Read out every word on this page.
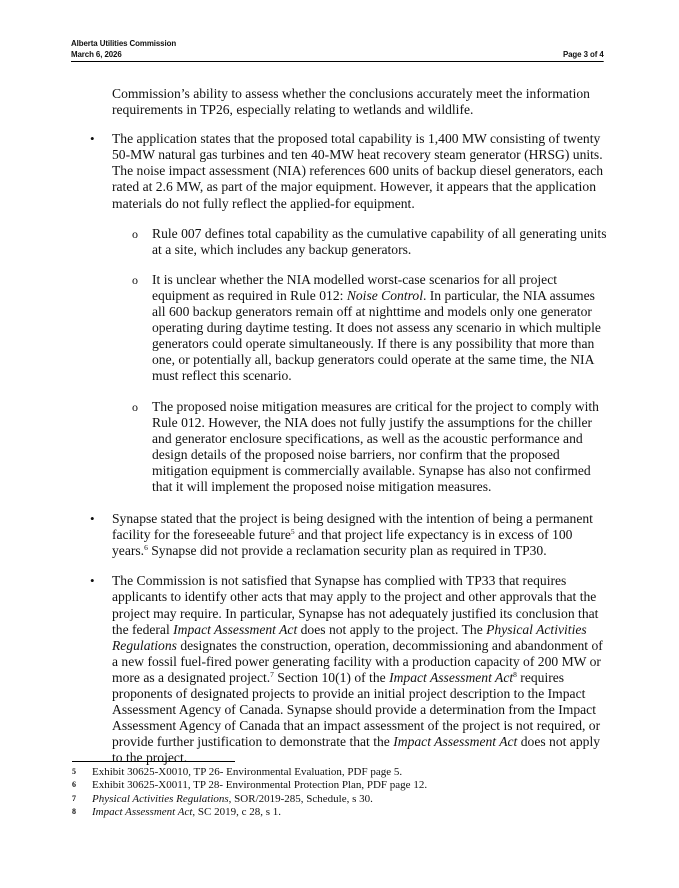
Alberta Utilities Commission
March 6, 2026	Page 3 of 4

Commission’s ability to assess whether the conclusions accurately meet the information requirements in TP26, especially relating to wetlands and wildlife.

• The application states that the proposed total capability is 1,400 MW consisting of twenty 50-MW natural gas turbines and ten 40-MW heat recovery steam generator (HRSG) units. The noise impact assessment (NIA) references 600 units of backup diesel generators, each rated at 2.6 MW, as part of the major equipment. However, it appears that the application materials do not fully reflect the applied-for equipment.
o Rule 007 defines total capability as the cumulative capability of all generating units at a site, which includes any backup generators.
o It is unclear whether the NIA modelled worst-case scenarios for all project equipment as required in Rule 012: Noise Control. In particular, the NIA assumes all 600 backup generators remain off at nighttime and models only one generator operating during daytime testing. It does not assess any scenario in which multiple generators could operate simultaneously. If there is any possibility that more than one, or potentially all, backup generators could operate at the same time, the NIA must reflect this scenario.
o The proposed noise mitigation measures are critical for the project to comply with Rule 012. However, the NIA does not fully justify the assumptions for the chiller and generator enclosure specifications, as well as the acoustic performance and design details of the proposed noise barriers, nor confirm that the proposed mitigation equipment is commercially available. Synapse has also not confirmed that it will implement the proposed noise mitigation measures.
• Synapse stated that the project is being designed with the intention of being a permanent facility for the foreseeable future$^5$ and that project life expectancy is in excess of 100 years.$^6$ Synapse did not provide a reclamation security plan as required in TP30.
• The Commission is not satisfied that Synapse has complied with TP33 that requires applicants to identify other acts that may apply to the project and other approvals that the project may require. In particular, Synapse has not adequately justified its conclusion that the federal Impact Assessment Act does not apply to the project. The Physical Activities Regulations designates the construction, operation, decommissioning and abandonment of a new fossil fuel-fired power generating facility with a production capacity of 200 MW or more as a designated project.$^7$ Section 10(1) of the Impact Assessment Act$^8$ requires proponents of designated projects to provide an initial project description to the Impact Assessment Agency of Canada. Synapse should provide a determination from the Impact Assessment Agency of Canada that an impact assessment of the project is not required, or provide further justification to demonstrate that the Impact Assessment Act does not apply to the project.
5 Exhibit 30625-X0010, TP 26- Environmental Evaluation, PDF page 5.
6 Exhibit 30625-X0011, TP 28- Environmental Protection Plan, PDF page 12.
7 Physical Activities Regulations, SOR/2019-285, Schedule, s 30.
8 Impact Assessment Act, SC 2019, c 28, s 1.
